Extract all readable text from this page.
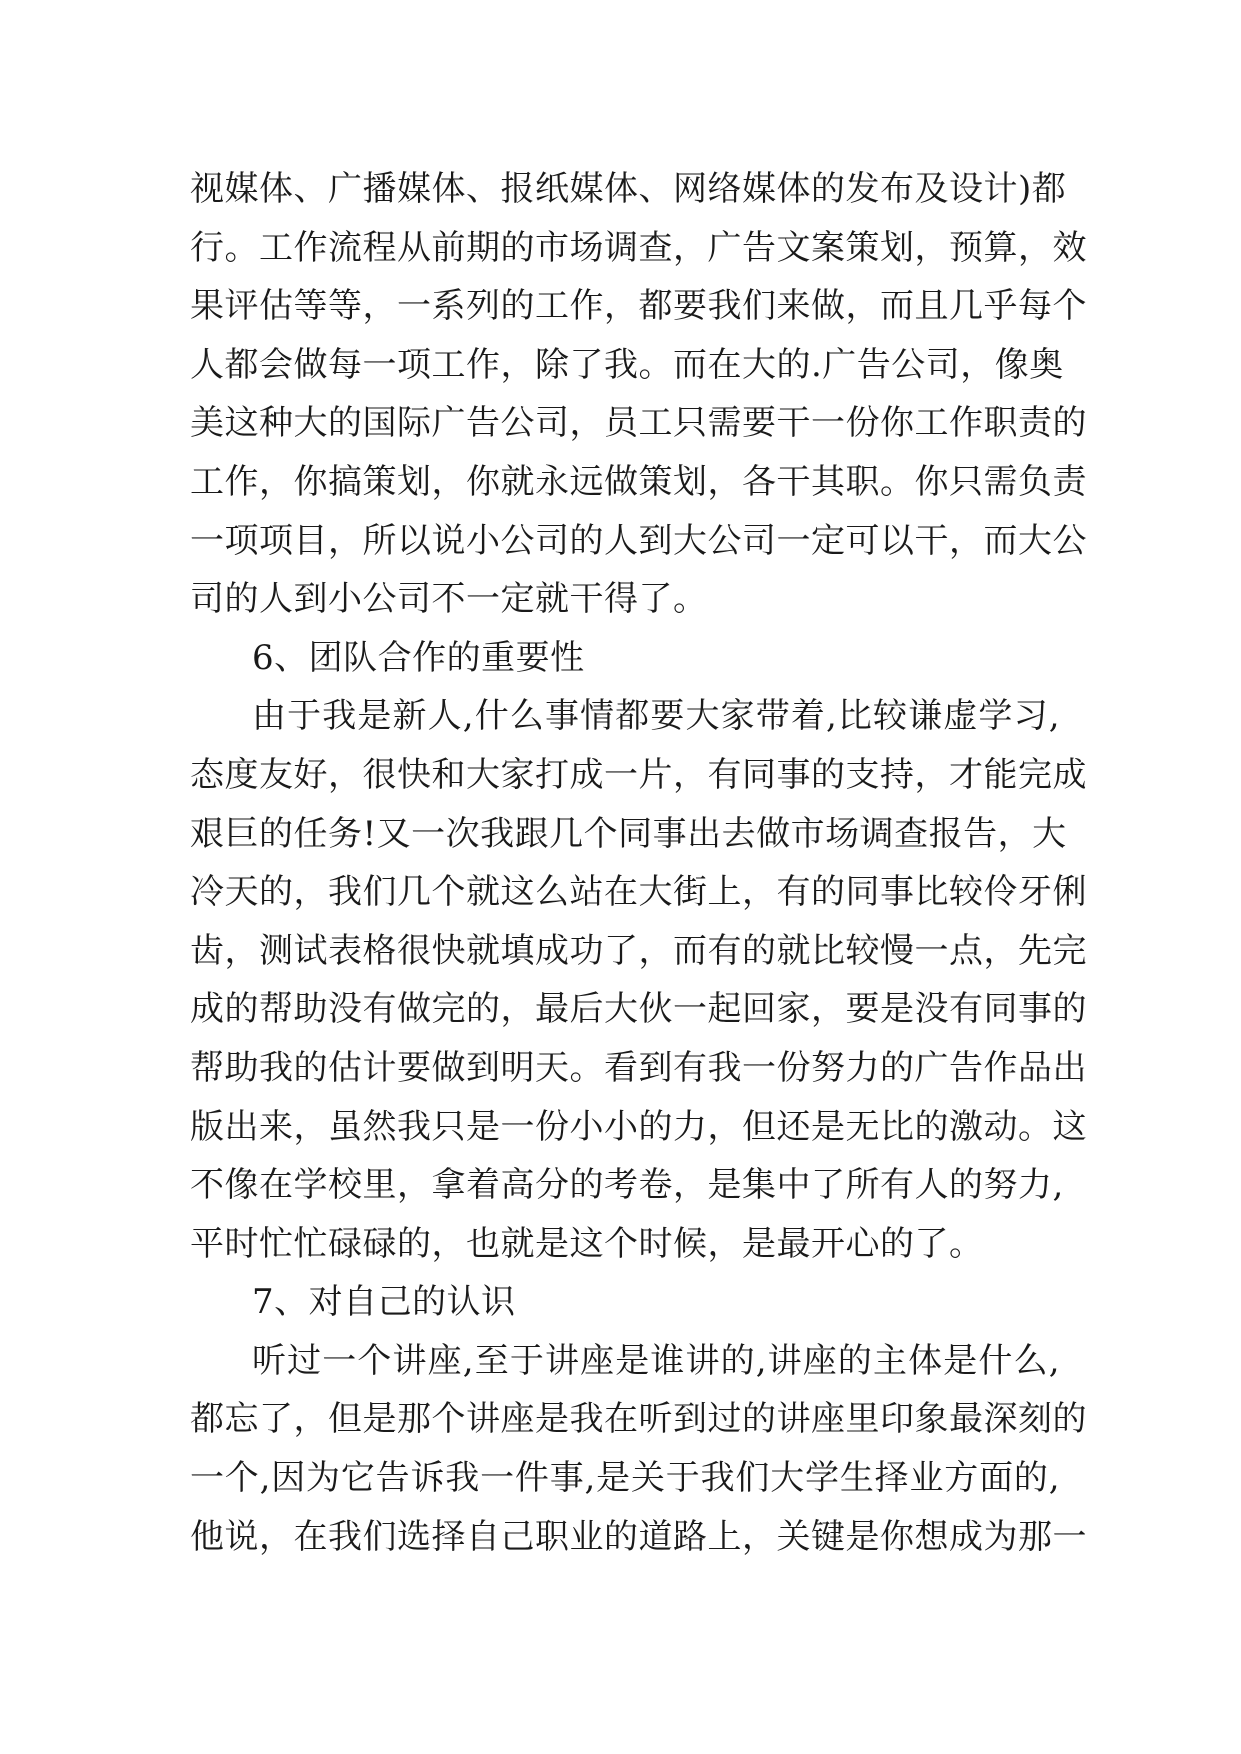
视媒体、广播媒体、报纸媒体、网络媒体的发布及设计)都
行。工作流程从前期的市场调查，广告文案策划，预算，效
果评估等等，一系列的工作，都要我们来做，而且几乎每个
人都会做每一项工作，除了我。而在大的.广告公司，像奥
美这种大的国际广告公司，员工只需要干一份你工作职责的
工作，你搞策划，你就永远做策划，各干其职。你只需负责
一项项目，所以说小公司的人到大公司一定可以干，而大公
司的人到小公司不一定就干得了。
6、团队合作的重要性
由于我是新人,什么事情都要大家带着,比较谦虚学习,
态度友好，很快和大家打成一片，有同事的支持，才能完成
艰巨的任务!又一次我跟几个同事出去做市场调查报告，大
冷天的，我们几个就这么站在大街上，有的同事比较伶牙俐
齿，测试表格很快就填成功了，而有的就比较慢一点，先完
成的帮助没有做完的，最后大伙一起回家，要是没有同事的
帮助我的估计要做到明天。看到有我一份努力的广告作品出
版出来，虽然我只是一份小小的力，但还是无比的激动。这
不像在学校里，拿着高分的考卷，是集中了所有人的努力,
平时忙忙碌碌的，也就是这个时候，是最开心的了。
7、对自己的认识
听过一个讲座,至于讲座是谁讲的,讲座的主体是什么,
都忘了，但是那个讲座是我在听到过的讲座里印象最深刻的
一个,因为它告诉我一件事,是关于我们大学生择业方面的,
他说，在我们选择自己职业的道路上，关键是你想成为那一
